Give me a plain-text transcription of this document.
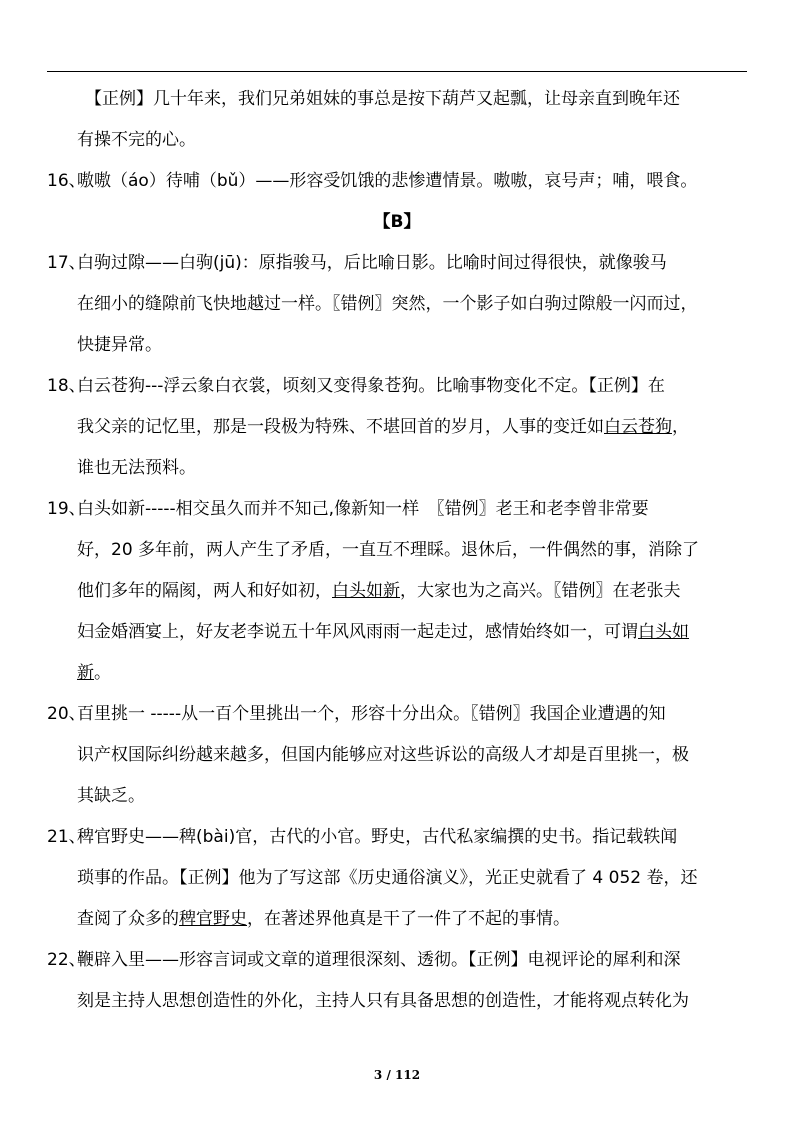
【正例】几十年来，我们兄弟姐妹的事总是按下葫芦又起瓢，让母亲直到晚年还

有操不完的心。

16、

嗷嗷（áo）待哺（bǔ）——形容受饥饿的悲惨遭情景。嗷嗷，哀号声；哺，喂食。

【B】
17、

白驹过隙——白驹(jū)：原指骏马，后比喻日影。比喻时间过得很快，就像骏马

在细小的缝隙前飞快地越过一样。〖错例〗突然，一个影子如白驹过隙般一闪而过，

快捷异常。

18、

白云苍狗---浮云象白衣裳，顷刻又变得象苍狗。比喻事物变化不定。【正例】在

我父亲的记忆里，那是一段极为特殊、不堪回首的岁月，人事的变迁如白云苍狗，

谁也无法预料。

19、

白头如新-----相交虽久而并不知己,像新知一样　〖错例〗老王和老李曾非常要

好，20 多年前，两人产生了矛盾，一直互不理睬。退休后，一件偶然的事，消除了

他们多年的隔阂，两人和好如初，白头如新，大家也为之高兴。〖错例〗在老张夫

妇金婚酒宴上，好友老李说五十年风风雨雨一起走过，感情始终如一，可谓白头如

新。

20、

百里挑一 -----从一百个里挑出一个，形容十分出众。〖错例〗我国企业遭遇的知

识产权国际纠纷越来越多，但国内能够应对这些诉讼的高级人才却是百里挑一，极

其缺乏。

21、

稗官野史——稗(bài)官，古代的小官。野史，古代私家编撰的史书。指记载轶闻

琐事的作品。【正例】他为了写这部《历史通俗演义》，光正史就看了 4 052 卷，还

查阅了众多的稗官野史，在著述界他真是干了一件了不起的事情。

22、

鞭辟入里——形容言词或文章的道理很深刻、透彻。【正例】电视评论的犀利和深

刻是主持人思想创造性的外化，主持人只有具备思想的创造性，才能将观点转化为

3 / 112
